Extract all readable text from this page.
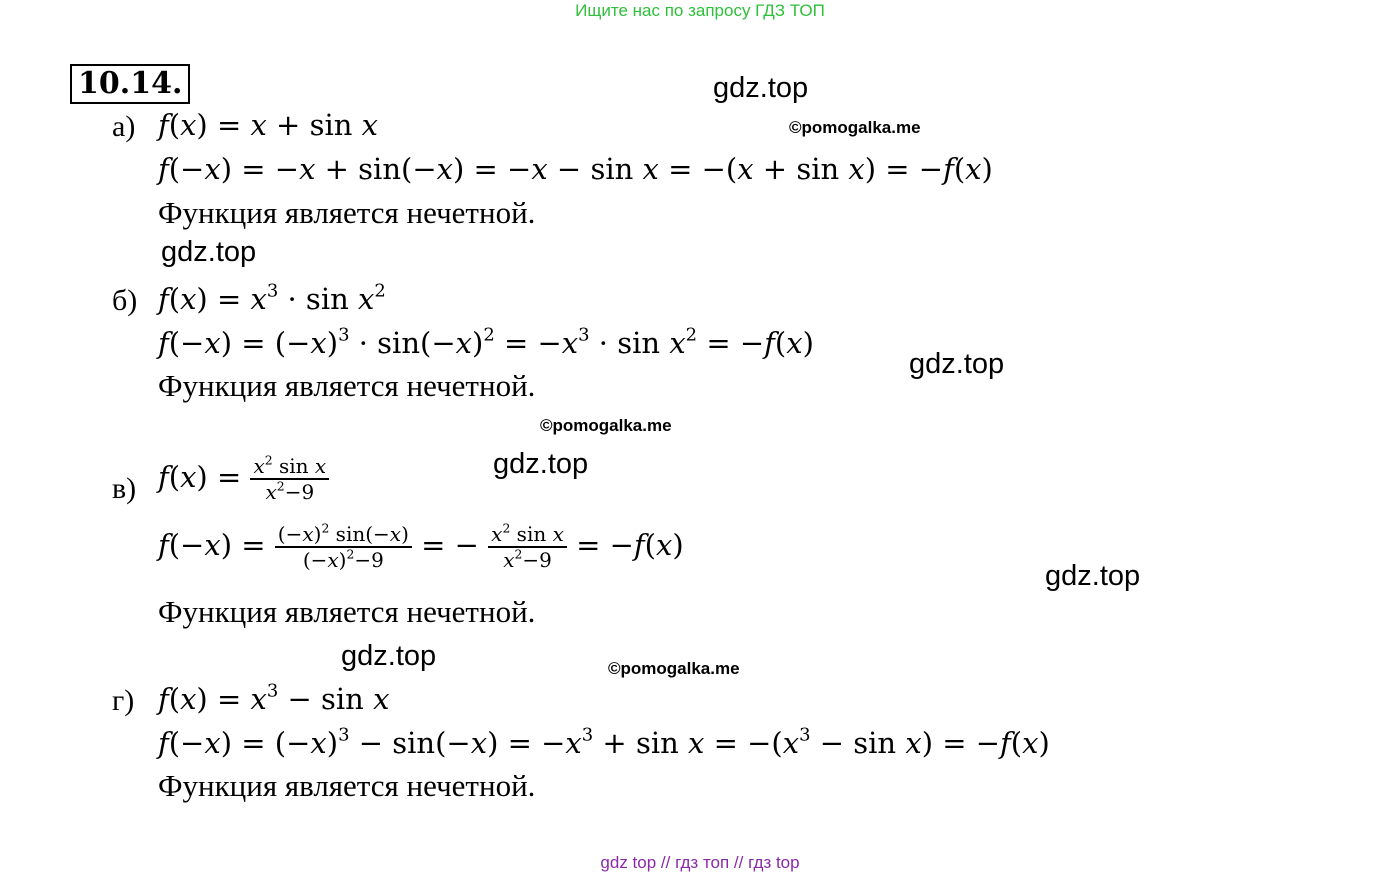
Ищите нас по запросу ГДЗ ТОП
10.14.	gdz.top
©pomogalka.me
gdz.top
gdz.top
©pomogalka.me
gdz.top
gdz.top
gdz.top	©pomogalka.me
а) f(x) = x + sin x
f(−x) = −x + sin(−x) = −x − sin x = −(x + sin x) = −f(x)
Функция является нечетной.
б) $f(x) = x^3 \cdot \sin x^2$
$f(-x) = (-x)^3 \cdot \sin(-x)^2 = -x^3 \cdot \sin x^2 = -f(x)$
Функция является нечетной.
в) $f(x) = \frac{x^2 \sin x}{x^2-9}$
$f(-x) = \frac{(-x)^2 \sin(-x)}{(-x)^2-9}$ = − $\frac{x^2 \sin x}{x^2-9} = -f(x)$
Функция является нечетной.
г) $f(x) = x^3 - \sin x$
$f(-x) = (-x)^3 - \sin(-x) = -x^3 + \sin x = -(x^3 - \sin x) = -f(x)$
Функция является нечетной.
gdz top // гдз топ // гдз top
